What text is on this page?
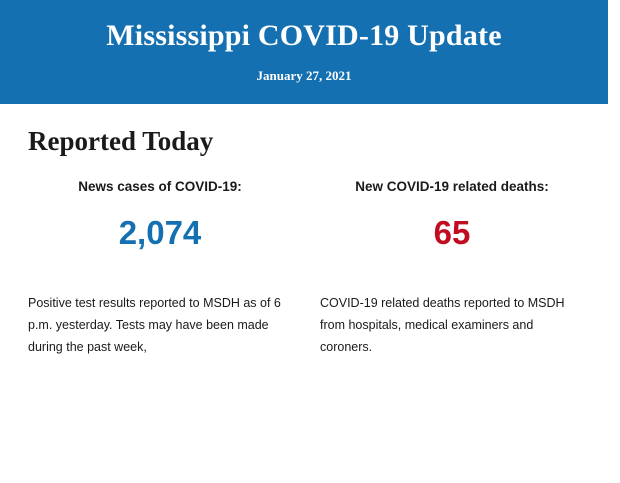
Mississippi COVID-19 Update
January 27, 2021
Reported Today
News cases of COVID-19:
2,074
New COVID-19 related deaths:
65

Positive test results reported to MSDH as of 6 p.m. yesterday. Tests may have been made during the past week,

COVID-19 related deaths reported to MSDH from hospitals, medical examiners and coroners.
